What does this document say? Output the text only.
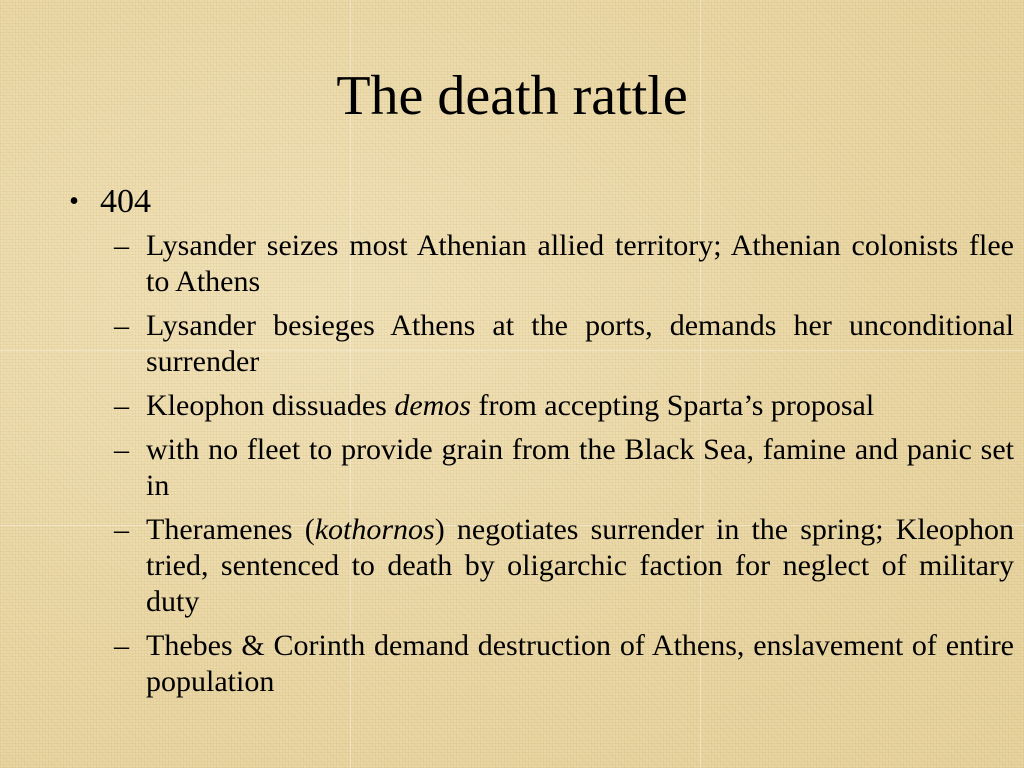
The death rattle
• 404
– Lysander seizes most Athenian allied territory; Athenian colonists flee to Athens
– Lysander besieges Athens at the ports, demands her unconditional surrender
– Kleophon dissuades demos from accepting Sparta’s proposal
– with no fleet to provide grain from the Black Sea, famine and panic set in
– Theramenes (kothornos) negotiates surrender in the spring; Kleophon tried, sentenced to death by oligarchic faction for neglect of military duty
– Thebes & Corinth demand destruction of Athens, enslavement of entire population
